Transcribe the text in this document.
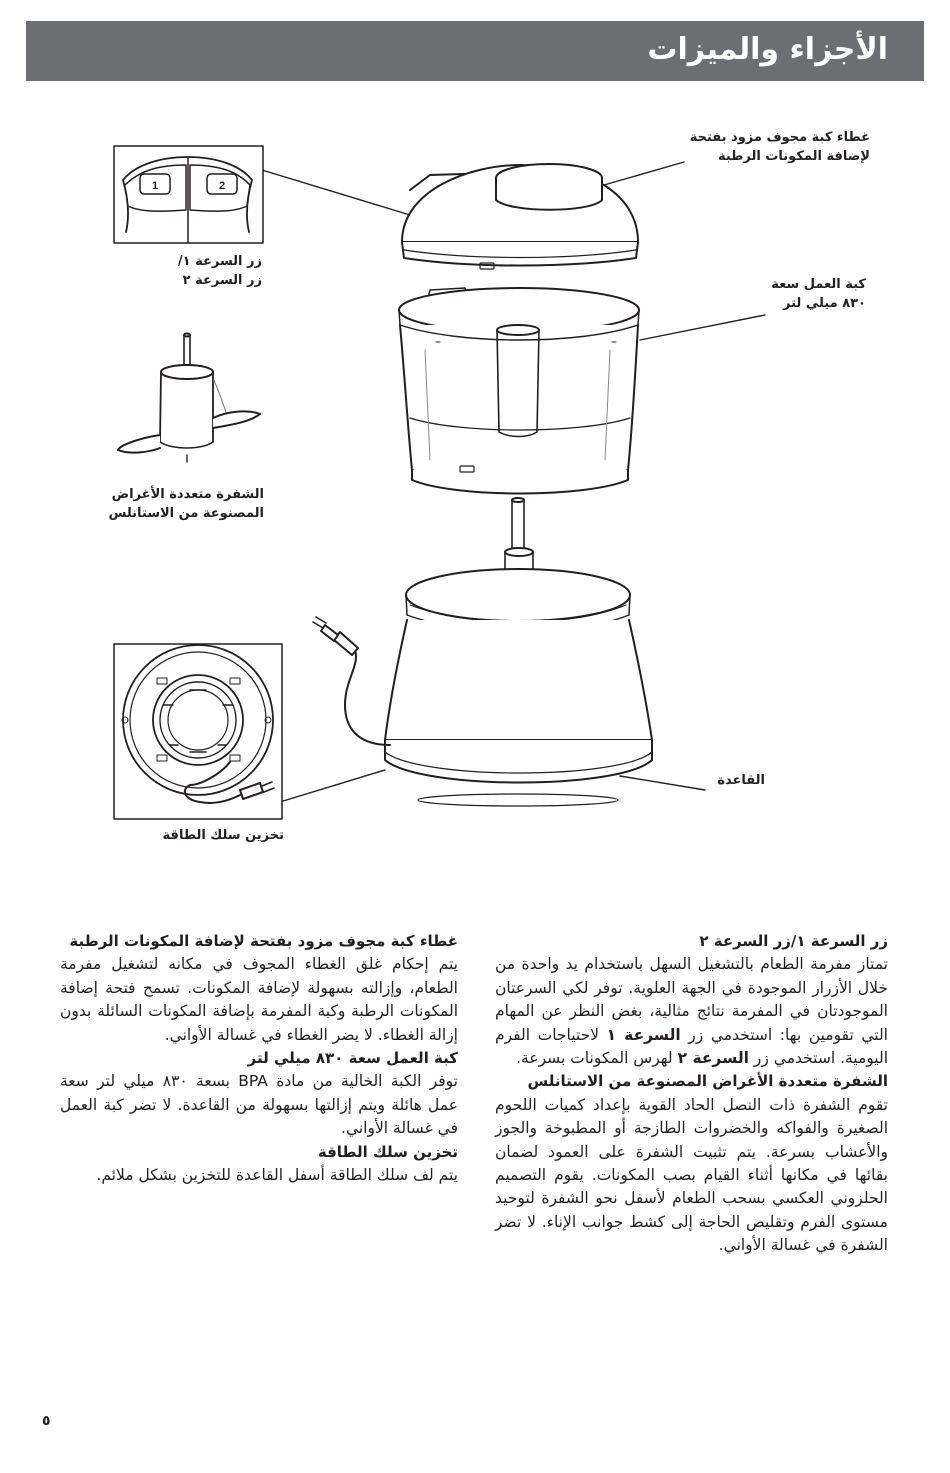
الأجزاء والميزات
1	2
غطاء كبة مجوف مزود بفتحة
لإضافة المكونات الرطبة
كبة العمل سعة
٨٣٠ ميلي لتر
زر السرعة ١/
زر السرعة ٢
الشفرة متعددة الأغراض
المصنوعة من الاستانلس
القاعدة
تخزين سلك الطاقة
زر السرعة ١/زر السرعة ٢

تمتاز مفرمة الطعام بالتشغيل السهل باستخدام يد واحدة من خلال الأزرار الموجودة في الجهة العلوية. توفر لكي السرعتان الموجودتان في المفرمة نتائج مثالية، بغض النظر عن المهام التي تقومين بها: استخدمي زر السرعة ١ لاحتياجات الفرم اليومية. استخدمي زر السرعة ٢ لهرس المكونات بسرعة.

الشفرة متعددة الأغراض المصنوعة من الاستانلس

تقوم الشفرة ذات النصل الحاد القوية بإعداد كميات اللحوم الصغيرة والفواكه والخضروات الطازجة أو المطبوخة والجوز والأعشاب بسرعة. يتم تثبيت الشفرة على العمود لضمان بقائها في مكانها أثناء القيام بصب المكونات. يقوم التصميم الحلزوني العكسي بسحب الطعام لأسفل نحو الشفرة لتوحيد مستوى الفرم وتقليص الحاجة إلى كشط جوانب الإناء. لا تضر الشفرة في غسالة الأواني.

غطاء كبة مجوف مزود بفتحة لإضافة المكونات الرطبة

يتم إحكام غلق الغطاء المجوف في مكانه لتشغيل مفرمة الطعام، وإزالته بسهولة لإضافة المكونات. تسمح فتحة إضافة المكونات الرطبة وكبة المفرمة بإضافة المكونات السائلة بدون إزالة الغطاء. لا يضر الغطاء في غسالة الأواني.

كبة العمل سعة ٨٣٠ ميلي لتر

توفر الكبة الخالية من مادة BPA بسعة ٨٣٠ ميلي لتر سعة عمل هائلة ويتم إزالتها بسهولة من القاعدة. لا تضر كبة العمل في غسالة الأواني.

تخزين سلك الطاقة

يتم لف سلك الطاقة أسفل القاعدة للتخزين بشكل ملائم.

٥
